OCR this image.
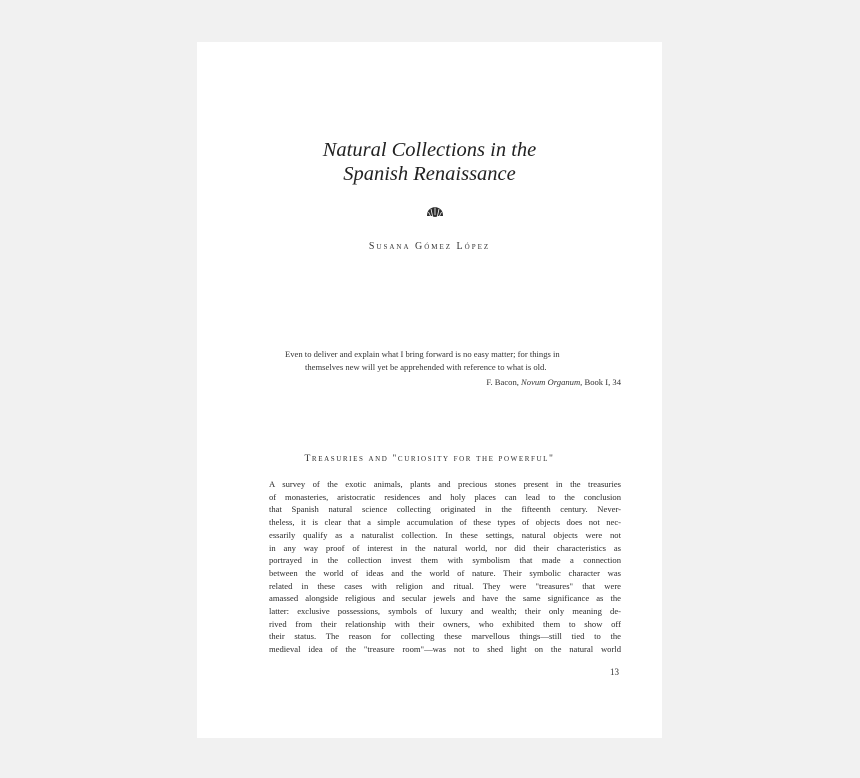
Natural Collections in the
Spanish Renaissance
Susana Gómez López
Even to deliver and explain what I bring forward is no easy matter; for things in
themselves new will yet be apprehended with reference to what is old.
F. Bacon, Novum Organum, Book I, 34
Treasuries and "curiosity for the powerful"
A survey of the exotic animals, plants and precious stones present in the treasuries
of monasteries, aristocratic residences and holy places can lead to the conclusion
that Spanish natural science collecting originated in the fifteenth century. Never-
theless, it is clear that a simple accumulation of these types of objects does not nec-
essarily qualify as a naturalist collection. In these settings, natural objects were not
in any way proof of interest in the natural world, nor did their characteristics as
portrayed in the collection invest them with symbolism that made a connection
between the world of ideas and the world of nature. Their symbolic character was
related in these cases with religion and ritual. They were "treasures" that were
amassed alongside religious and secular jewels and have the same significance as the
latter: exclusive possessions, symbols of luxury and wealth; their only meaning de-
rived from their relationship with their owners, who exhibited them to show off
their status. The reason for collecting these marvellous things—still tied to the
medieval idea of the "treasure room"—was not to shed light on the natural world
13
